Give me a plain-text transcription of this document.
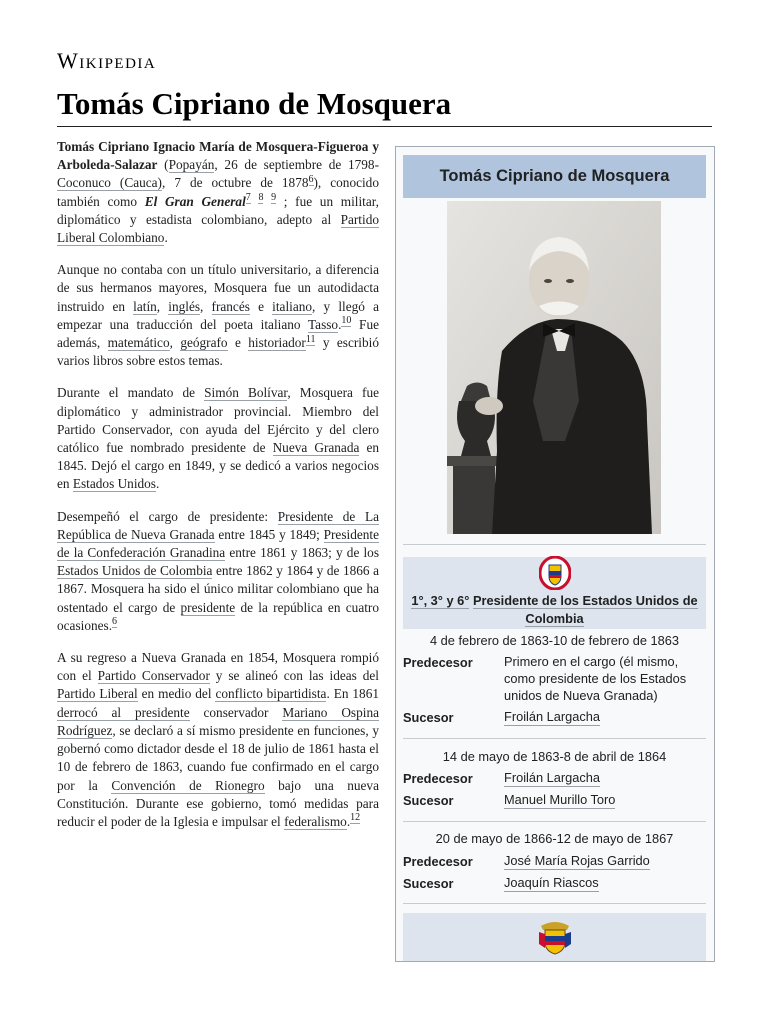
Wikipedia
Tomás Cipriano de Mosquera

Tomás Cipriano Ignacio María de Mosquera-Figueroa y Arboleda-Salazar (Popayán, 26 de septiembre de 1798-Coconuco (Cauca), 7 de octubre de 1878$^6$), conocido también como El Gran General$^7$ $^8$ $^9$ ; fue un militar, diplomático y estadista colombiano, adepto al Partido Liberal Colombiano.

Aunque no contaba con un título universitario, a diferencia de sus hermanos mayores, Mosquera fue un autodidacta instruido en latín, inglés, francés e italiano, y llegó a empezar una traducción del poeta italiano Tasso.$^{10}$ Fue además, matemático, geógrafo e historiador$^{11}$ y escribió varios libros sobre estos temas.

Durante el mandato de Simón Bolívar, Mosquera fue diplomático y administrador provincial. Miembro del Partido Conservador, con ayuda del Ejército y del clero católico fue nombrado presidente de Nueva Granada en 1845. Dejó el cargo en 1849, y se dedicó a varios negocios en Estados Unidos.

Desempeñó el cargo de presidente: Presidente de La República de Nueva Granada entre 1845 y 1849; Presidente de la Confederación Granadina entre 1861 y 1863; y de los Estados Unidos de Colombia entre 1862 y 1864 y de 1866 a 1867. Mosquera ha sido el único militar colombiano que ha ostentado el cargo de presidente de la república en cuatro ocasiones.$^6$

A su regreso a Nueva Granada en 1854, Mosquera rompió con el Partido Conservador y se alineó con las ideas del Partido Liberal en medio del conflicto bipartidista. En 1861 derrocó al presidente conservador Mariano Ospina Rodríguez, se declaró a sí mismo presidente en funciones, y gobernó como dictador desde el 18 de julio de 1861 hasta el 10 de febrero de 1863, cuando fue confirmado en el cargo por la Convención de Rionegro bajo una nueva Constitución. Durante ese gobierno, tomó medidas para reducir el poder de la Iglesia e impulsar el federalismo.$^{12}$

Tomás Cipriano de Mosquera
1°, 3° y 6° Presidente de los Estados Unidos de Colombia
4 de febrero de 1863-10 de febrero de 1863
Predecesor Primero en el cargo (él mismo, como presidente de los Estados unidos de Nueva Granada)
Sucesor	Froilán Largacha
14 de mayo de 1863-8 de abril de 1864
Predecesor Froilán Largacha
Sucesor	Manuel Murillo Toro
20 de mayo de 1866-12 de mayo de 1867
Predecesor José María Rojas Garrido
Sucesor	Joaquín Riascos
